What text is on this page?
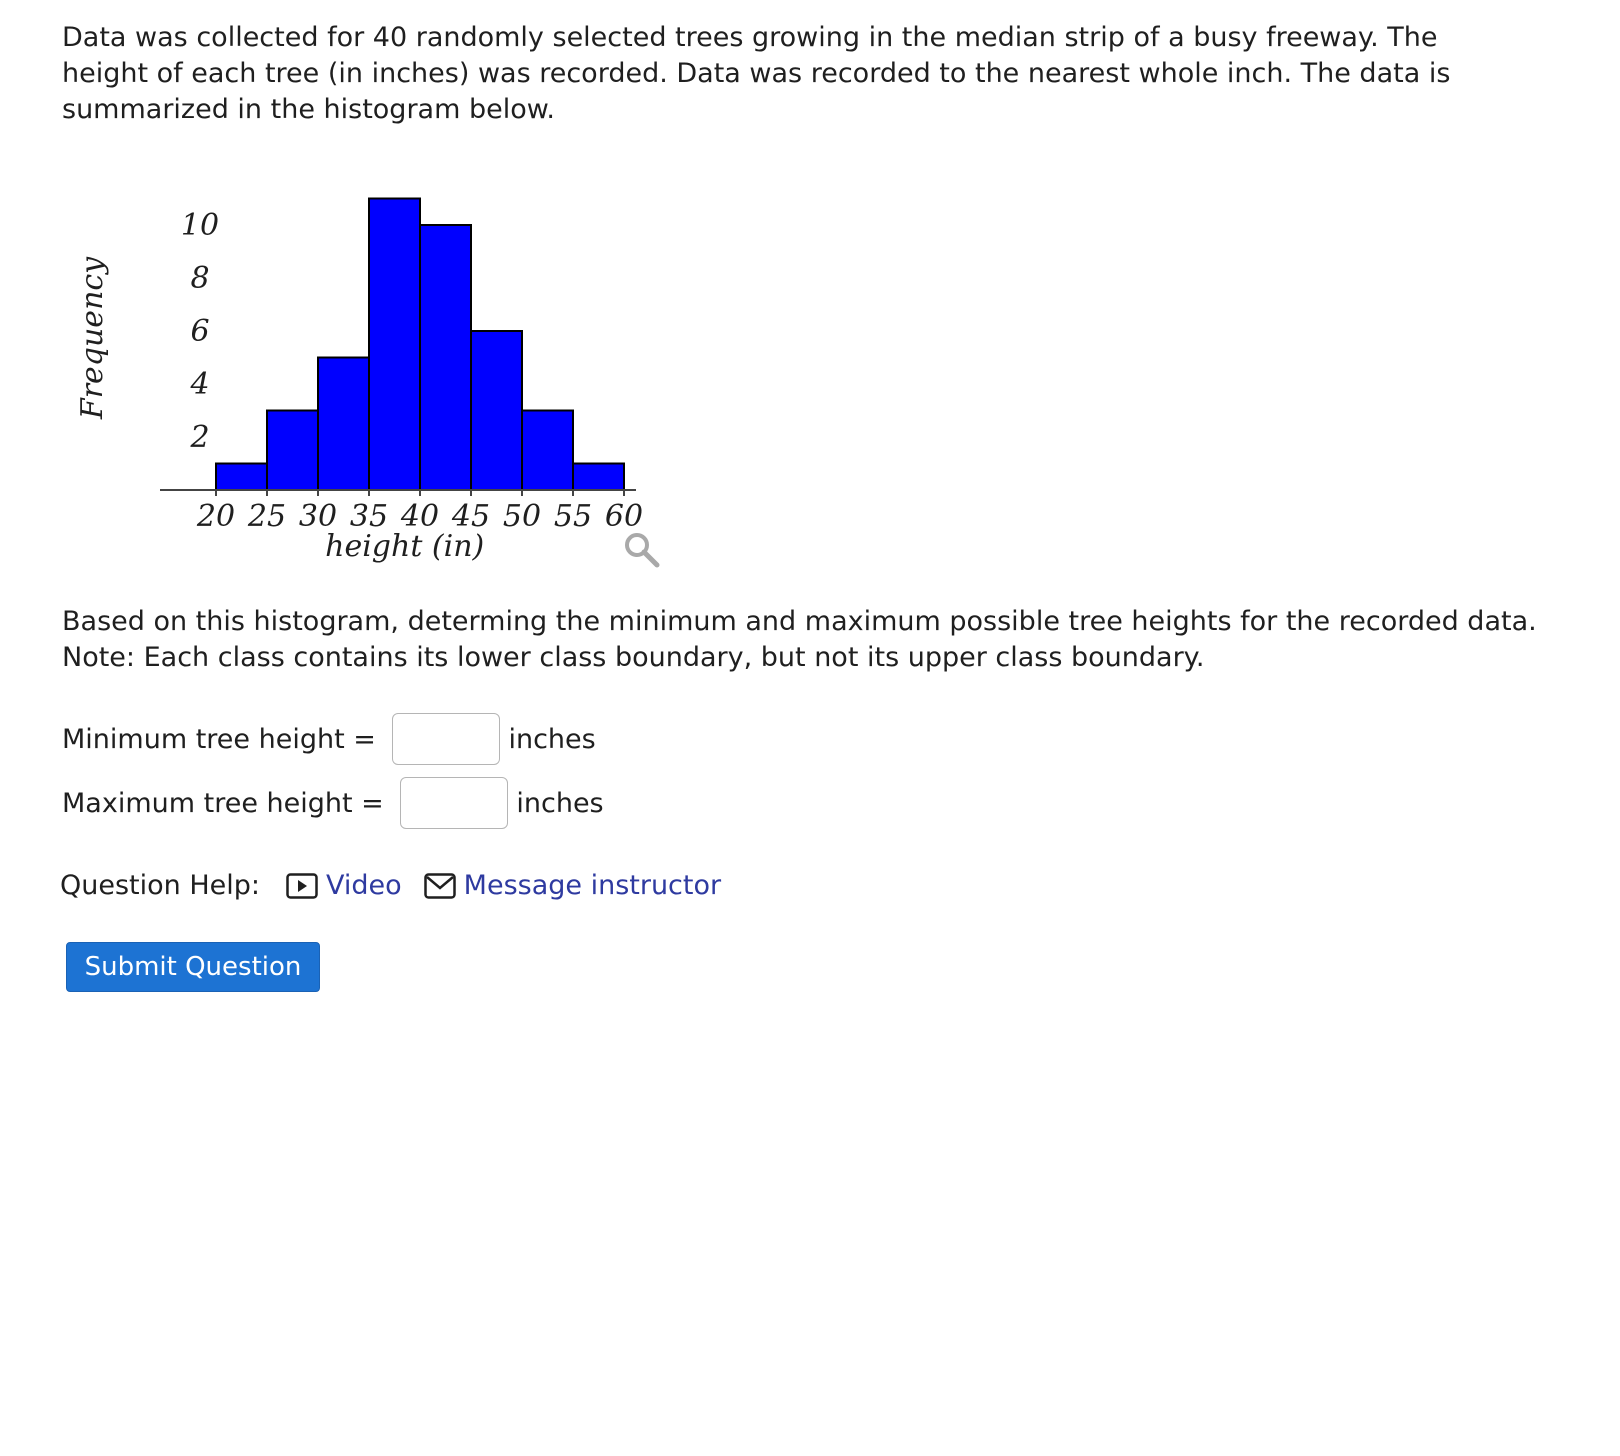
Data was collected for 40 randomly selected trees growing in the median strip of a busy freeway. The height of each tree (in inches) was recorded. Data was recorded to the nearest whole inch. The data is summarized in the histogram below.
20 25 30 35 40 45 50 55 60
2
4
6
8
10
height (in)
Frequency

Based on this histogram, determing the minimum and maximum possible tree heights for the recorded data.
Note: Each class contains its lower class boundary, but not its upper class boundary.

Minimum tree height =	inches
Maximum tree height =	inches
Question Help: Video Message instructor
Submit Question
